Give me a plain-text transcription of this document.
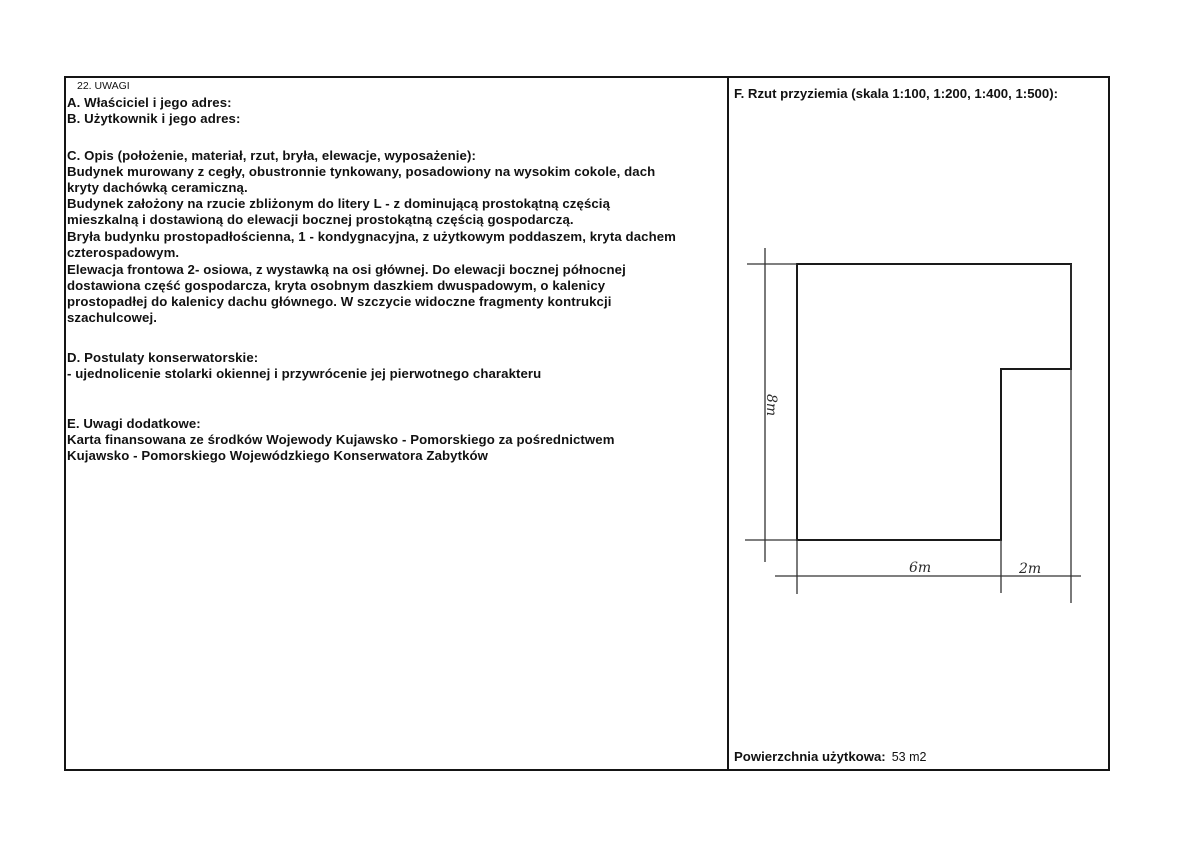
22. UWAGI
A. Właściciel i jego adres:
B. Użytkownik i jego adres:
C. Opis (położenie, materiał, rzut, bryła, elewacje, wyposażenie):
Budynek murowany z cegły, obustronnie tynkowany, posadowiony na wysokim cokole, dach
kryty dachówką ceramiczną.
Budynek założony na rzucie zbliżonym do litery L - z dominującą prostokątną częścią
mieszkalną i dostawioną do elewacji bocznej prostokątną częścią gospodarczą.
Bryła budynku prostopadłościenna, 1 - kondygnacyjna, z użytkowym poddaszem, kryta dachem
czterospadowym.
Elewacja frontowa 2- osiowa, z wystawką na osi głównej. Do elewacji bocznej północnej
dostawiona część gospodarcza, kryta osobnym daszkiem dwuspadowym, o kalenicy
prostopadłej do kalenicy dachu głównego. W szczycie widoczne fragmenty kontrukcji
szachulcowej.
D. Postulaty konserwatorskie:
- ujednolicenie stolarki okiennej i przywrócenie jej pierwotnego charakteru
E. Uwagi dodatkowe:
Karta finansowana ze środków Wojewody Kujawsko - Pomorskiego za pośrednictwem
Kujawsko - Pomorskiego Wojewódzkiego Konserwatora Zabytków
F. Rzut przyziemia (skala 1:100, 1:200, 1:400, 1:500):
8m
6m	2m
Powierzchnia użytkowa: 53 m2
